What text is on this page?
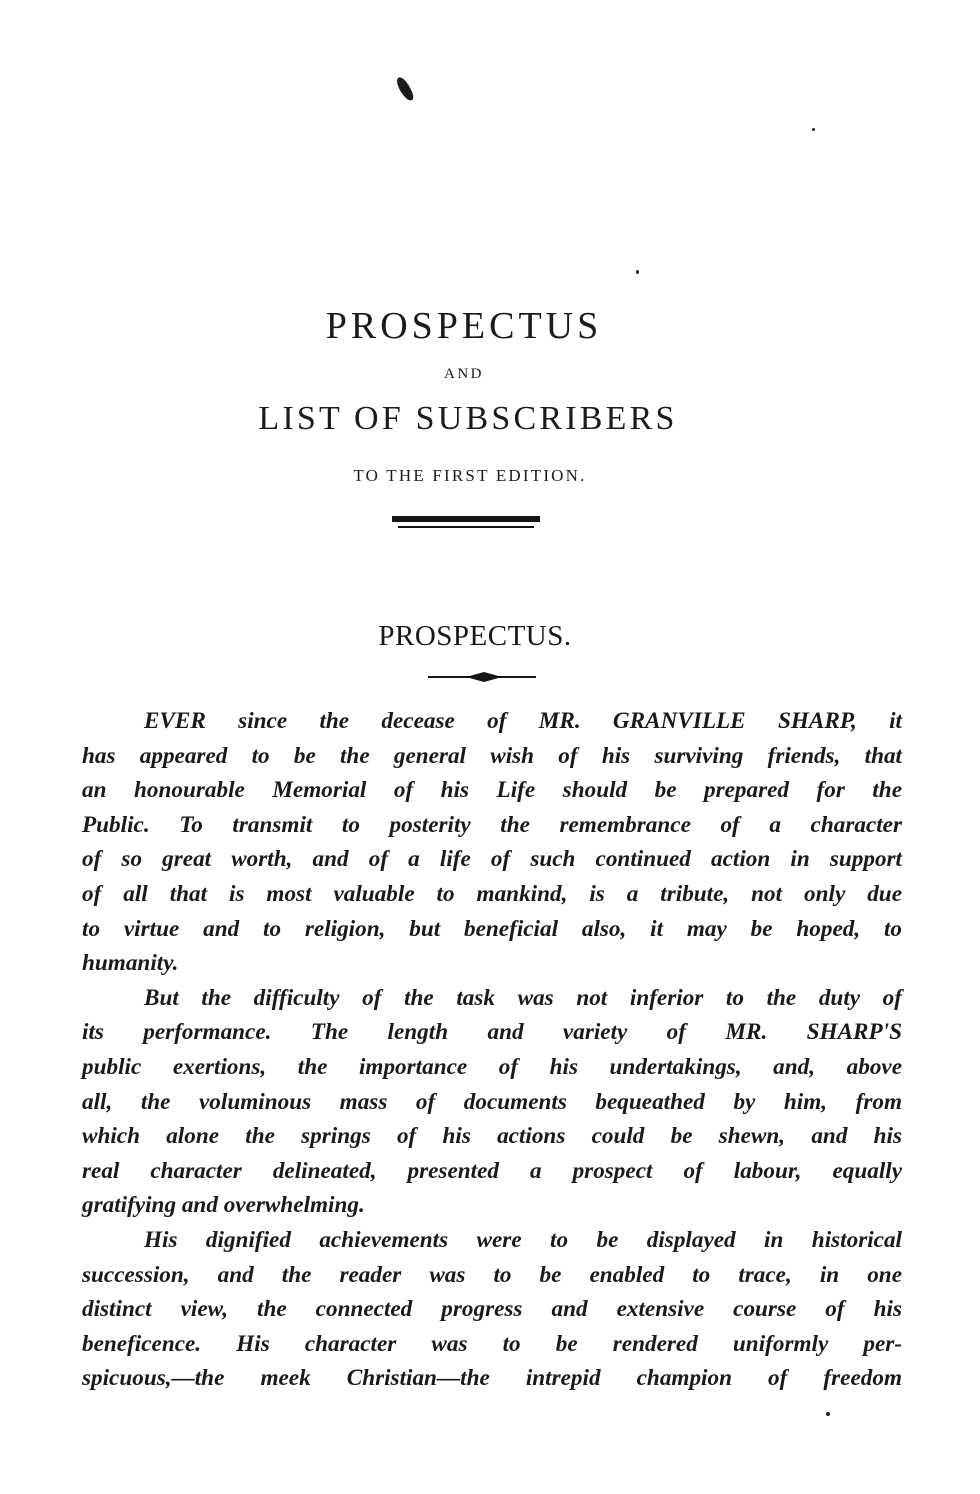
PROSPECTUS
AND
LIST OF SUBSCRIBERS
TO THE FIRST EDITION.
PROSPECTUS.

EVER since the decease of MR. GRANVILLE SHARP, it
has appeared to be the general wish of his surviving friends, that
an honourable Memorial of his Life should be prepared for the
Public. To transmit to posterity the remembrance of a character
of so great worth, and of a life of such continued action in support
of all that is most valuable to mankind, is a tribute, not only due
to virtue and to religion, but beneficial also, it may be hoped, to
humanity.

But the difficulty of the task was not inferior to the duty of
its performance. The length and variety of MR. SHARP'S
public exertions, the importance of his undertakings, and, above
all, the voluminous mass of documents bequeathed by him, from
which alone the springs of his actions could be shewn, and his
real character delineated, presented a prospect of labour, equally
gratifying and overwhelming.

His dignified achievements were to be displayed in historical
succession, and the reader was to be enabled to trace, in one
distinct view, the connected progress and extensive course of his
beneficence. His character was to be rendered uniformly per-
spicuous,—the meek Christian—the intrepid champion of freedom
